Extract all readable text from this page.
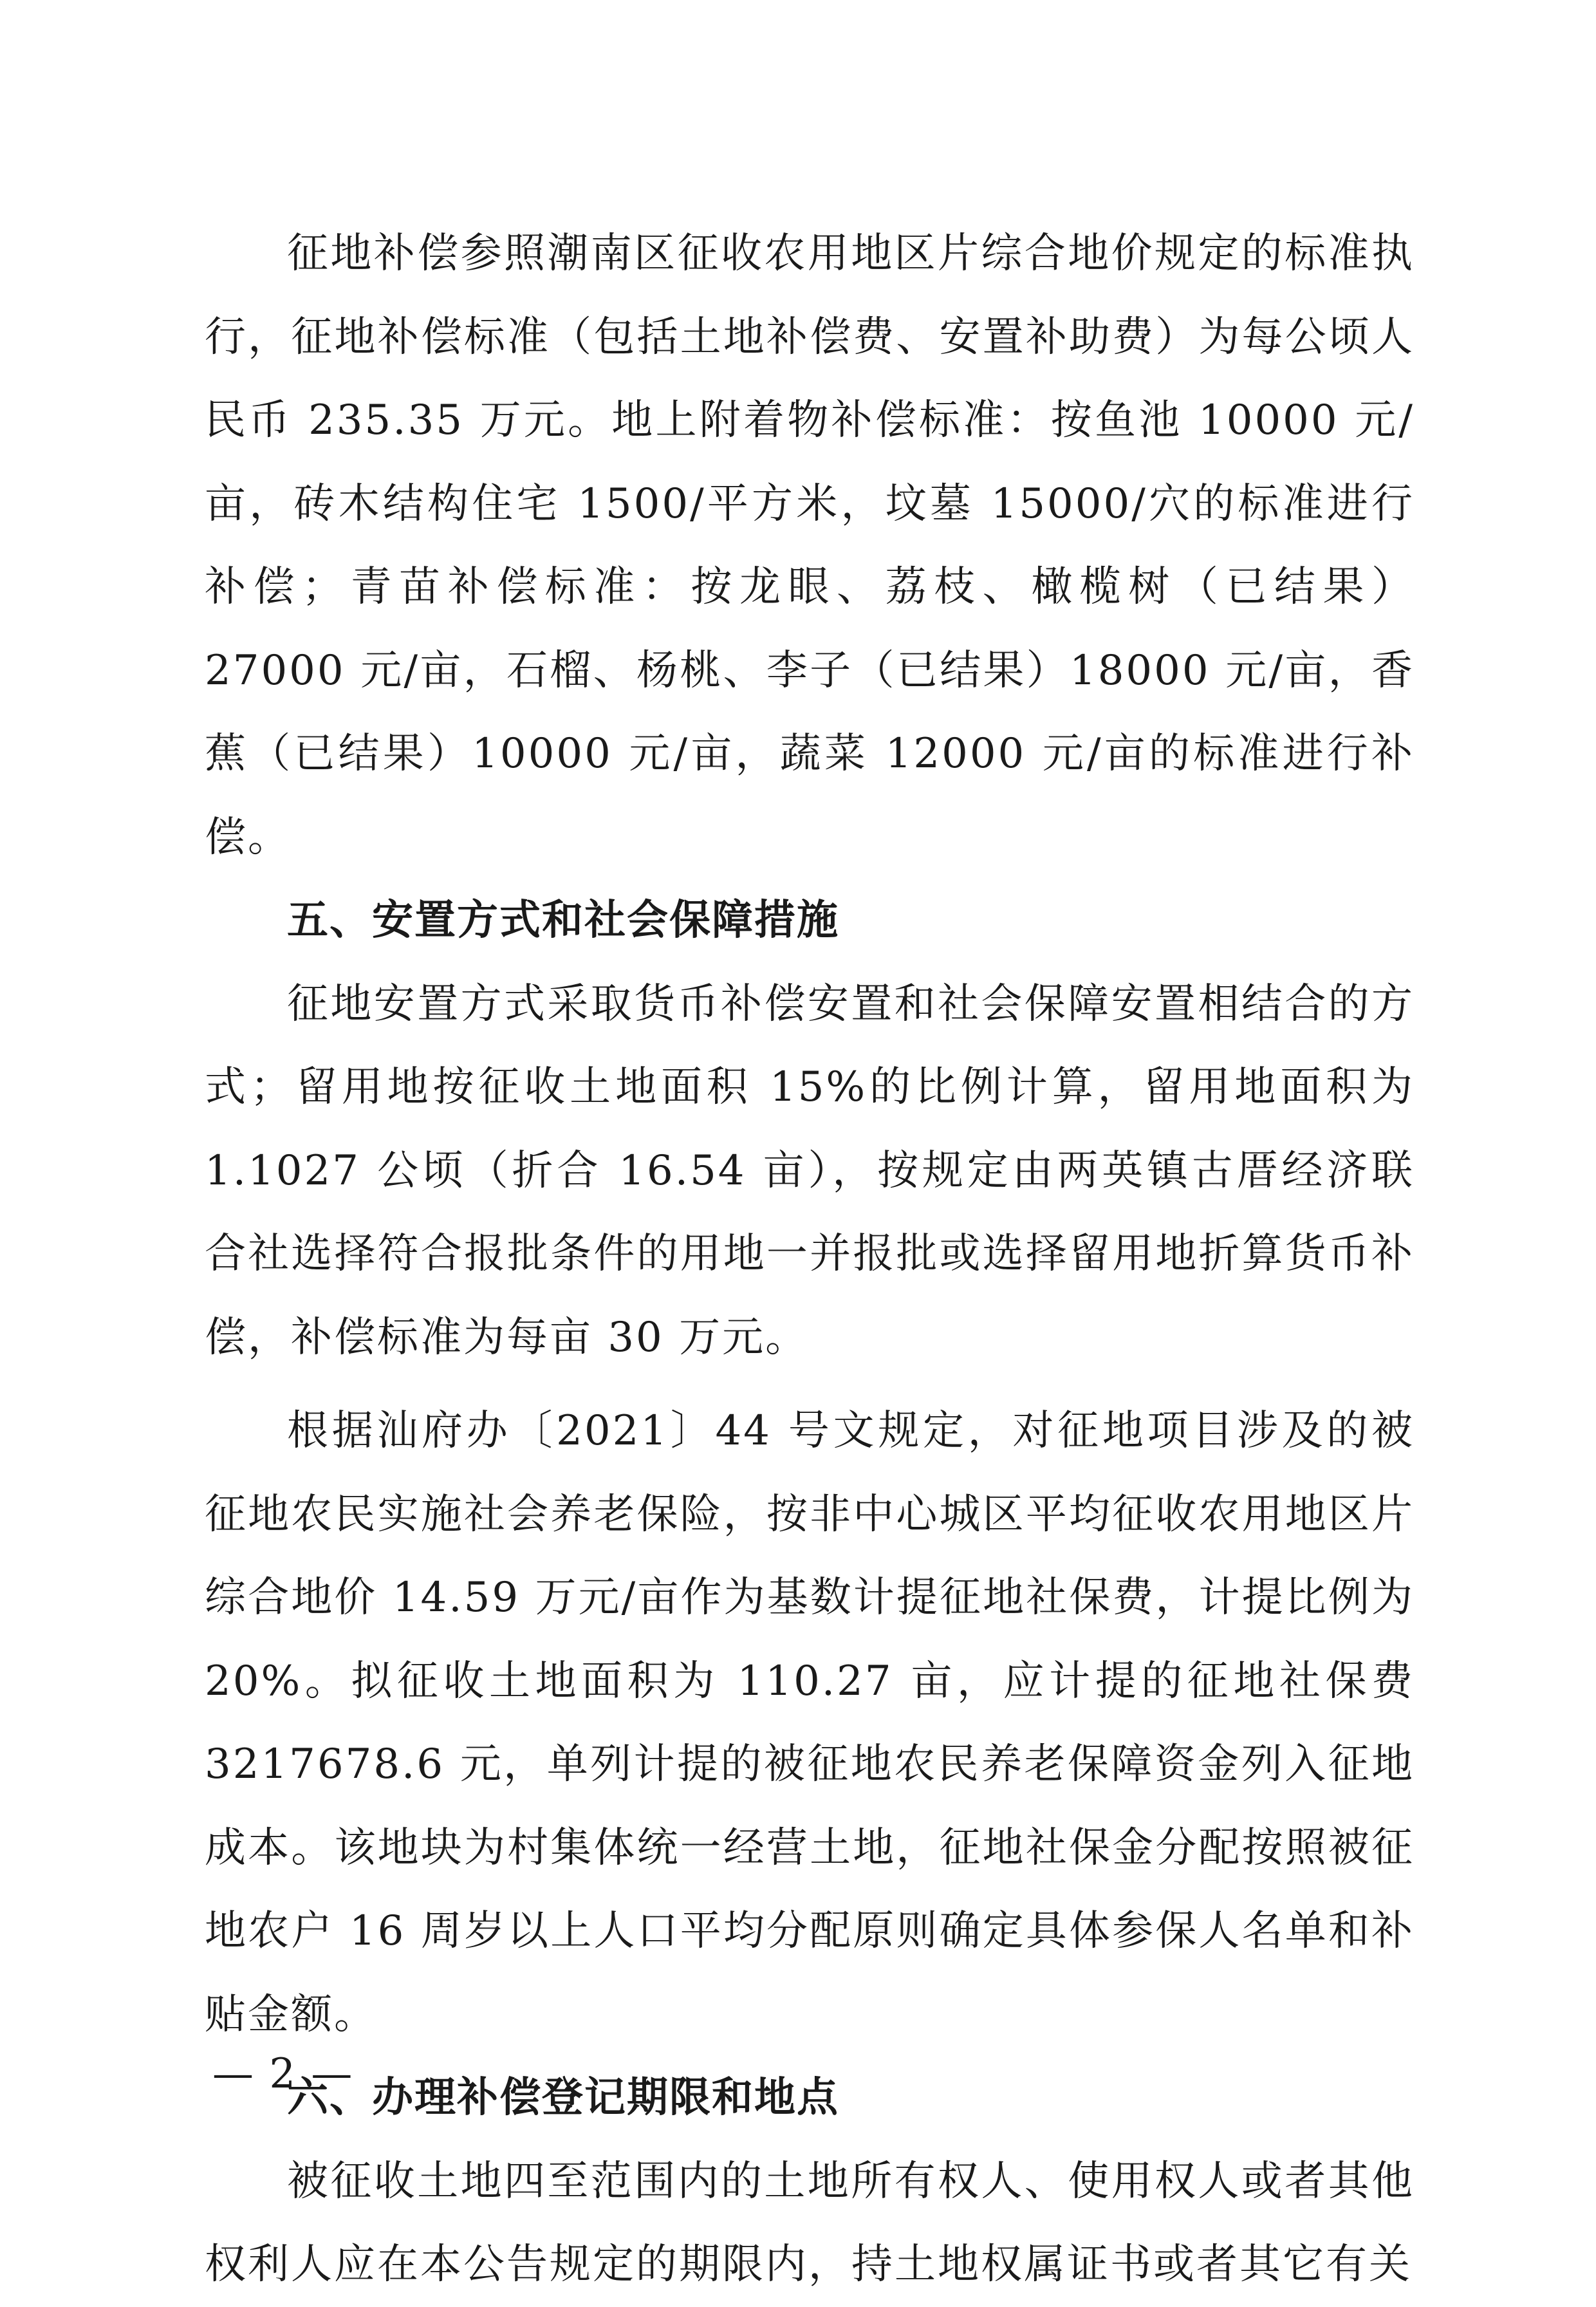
征地补偿参照潮南区征收农用地区片综合地价规定的标准执行，征地补偿标准（包括土地补偿费、安置补助费）为每公顷人民币 235.35 万元。地上附着物补偿标准：按鱼池 10000 元/亩，砖木结构住宅 1500/平方米，坟墓 15000/穴的标准进行补偿；青苗补偿标准：按龙眼、荔枝、橄榄树（已结果）27000 元/亩，石榴、杨桃、李子（已结果）18000 元/亩，香蕉（已结果）10000 元/亩，蔬菜 12000 元/亩的标准进行补偿。

五、安置方式和社会保障措施

征地安置方式采取货币补偿安置和社会保障安置相结合的方式；留用地按征收土地面积 15%的比例计算，留用地面积为 1.1027 公顷（折合 16.54 亩），按规定由两英镇古厝经济联合社选择符合报批条件的用地一并报批或选择留用地折算货币补偿，补偿标准为每亩 30 万元。

根据汕府办〔2021〕44 号文规定，对征地项目涉及的被征地农民实施社会养老保险，按非中心城区平均征收农用地区片综合地价 14.59 万元/亩作为基数计提征地社保费，计提比例为 20%。拟征收土地面积为 110.27 亩，应计提的征地社保费 3217678.6 元，单列计提的被征地农民养老保障资金列入征地成本。该地块为村集体统一经营土地，征地社保金分配按照被征地农户 16 周岁以上人口平均分配原则确定具体参保人名单和补贴金额。

六、办理补偿登记期限和地点

被征收土地四至范围内的土地所有权人、使用权人或者其他权利人应在本公告规定的期限内，持土地权属证书或者其它有关

— 2 —
